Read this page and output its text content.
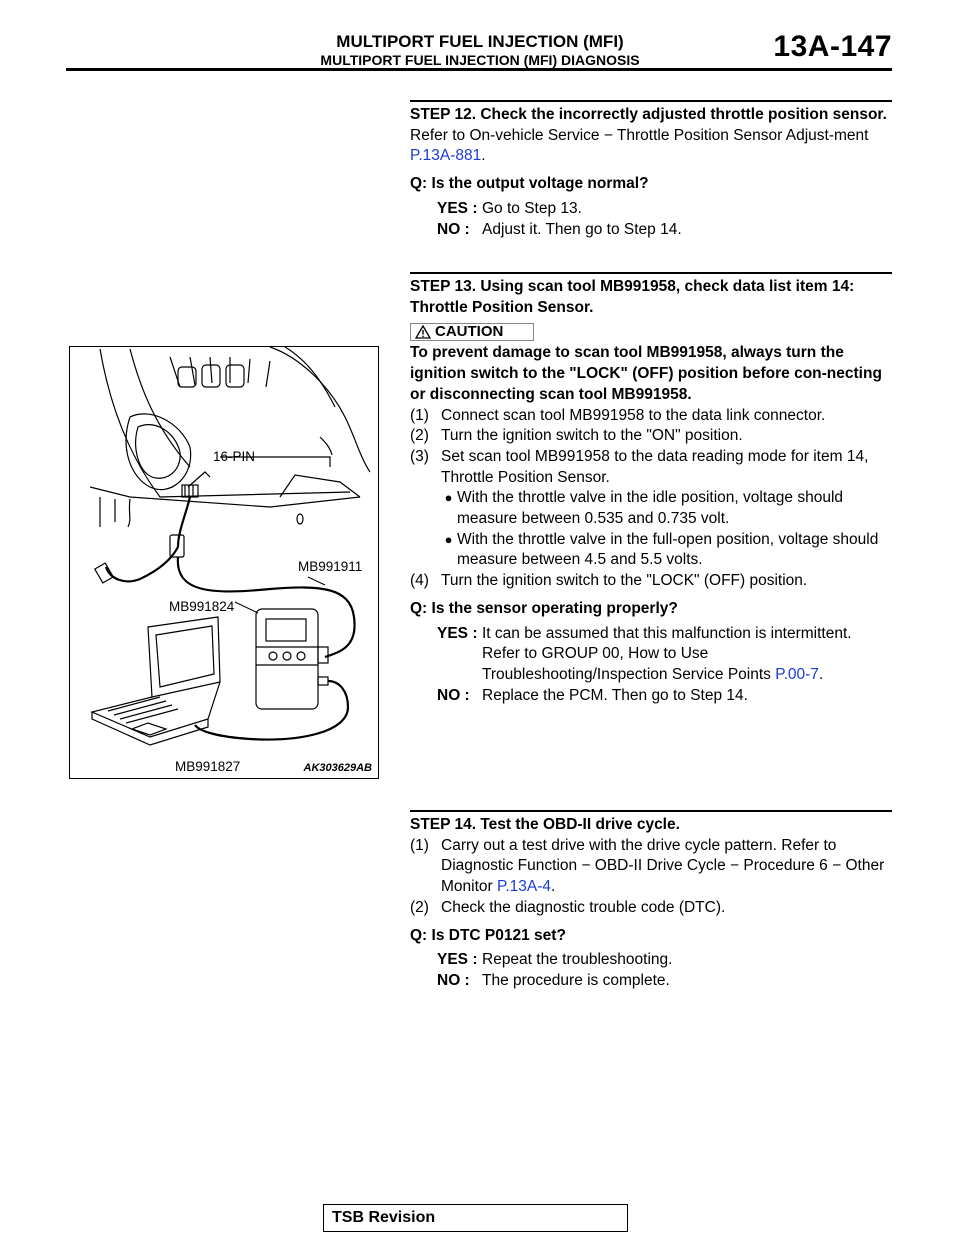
MULTIPORT FUEL INJECTION (MFI)
MULTIPORT FUEL INJECTION (MFI) DIAGNOSIS	13A-147
STEP 12. Check the incorrectly adjusted throttle position sensor.
Refer to On-vehicle Service − Throttle Position Sensor Adjust-ment P.13A-881.
Q: Is the output voltage normal?
YES : Go to Step 13.
NO : Adjust it. Then go to Step 14.
STEP 13. Using scan tool MB991958, check data list item 14: Throttle Position Sensor.
CAUTION
To prevent damage to scan tool MB991958, always turn the ignition switch to the "LOCK" (OFF) position before con-necting or disconnecting scan tool MB991958.
(1) Connect scan tool MB991958 to the data link connector.
(2) Turn the ignition switch to the "ON" position.
(3) Set scan tool MB991958 to the data reading mode for item 14, Throttle Position Sensor.
● With the throttle valve in the idle position, voltage should measure between 0.535 and 0.735 volt.
● With the throttle valve in the full-open position, voltage should measure between 4.5 and 5.5 volts.
(4) Turn the ignition switch to the "LOCK" (OFF) position.
Q: Is the sensor operating properly?
YES : It can be assumed that this malfunction is intermittent. Refer to GROUP 00, How to Use Troubleshooting/Inspection Service Points P.00-7.
NO : Replace the PCM. Then go to Step 14.
16-PIN
MB991911
MB991824
MB991827	AK303629AB
STEP 14. Test the OBD-II drive cycle.
(1) Carry out a test drive with the drive cycle pattern. Refer to Diagnostic Function − OBD-II Drive Cycle − Procedure 6 − Other Monitor P.13A-4.
(2) Check the diagnostic trouble code (DTC).
Q: Is DTC P0121 set?
YES : Repeat the troubleshooting.
NO : The procedure is complete.
TSB Revision
